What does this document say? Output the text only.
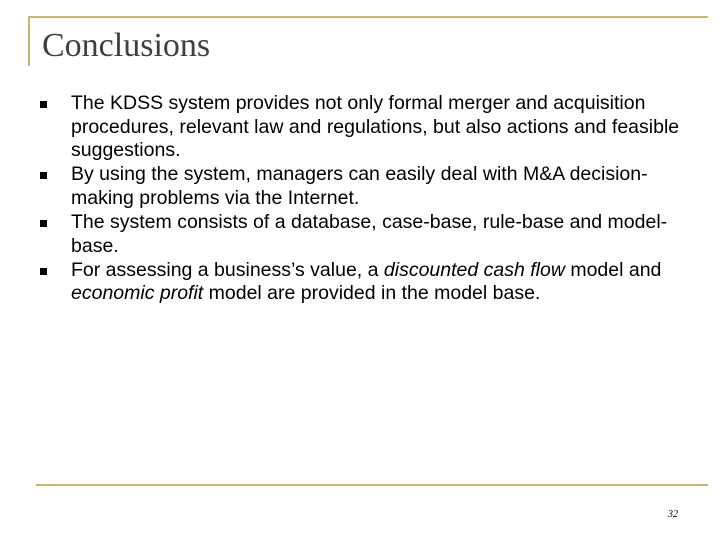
Conclusions
The KDSS system provides not only formal merger and acquisition procedures, relevant law and regulations, but also actions and feasible suggestions.
By using the system, managers can easily deal with M&A decision-making problems via the Internet.
The system consists of a database, case-base, rule-base and model-base.
For assessing a business’s value, a discounted cash flow model and economic profit model are provided in the model base.
32
